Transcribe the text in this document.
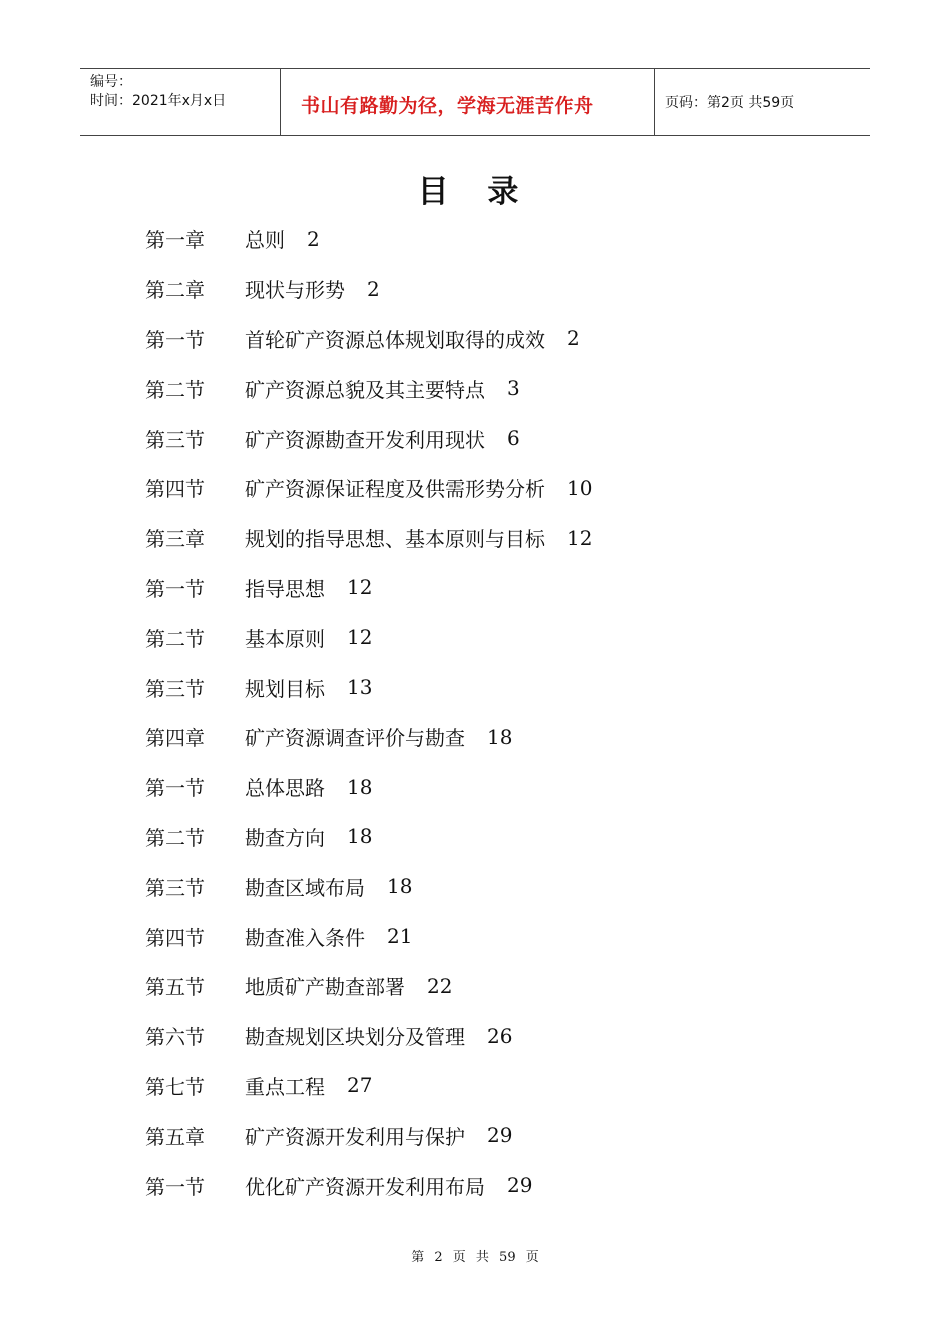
编号：
时间：2021年x月x日	书山有路勤为径，学海无涯苦作舟	页码：第2页 共59页
目 录
第一章	总则 2
第二章	现状与形势 2
第一节	首轮矿产资源总体规划取得的成效 2
第二节	矿产资源总貌及其主要特点 3
第三节	矿产资源勘查开发利用现状 6
第四节	矿产资源保证程度及供需形势分析 10
第三章	规划的指导思想、基本原则与目标 12
第一节	指导思想 12
第二节	基本原则 12
第三节	规划目标 13
第四章	矿产资源调查评价与勘查 18
第一节	总体思路 18
第二节	勘查方向 18
第三节	勘查区域布局 18
第四节	勘查准入条件 21
第五节	地质矿产勘查部署 22
第六节	勘查规划区块划分及管理 26
第七节	重点工程 27
第五章	矿产资源开发利用与保护 29
第一节	优化矿产资源开发利用布局 29
第 2 页 共 59 页
